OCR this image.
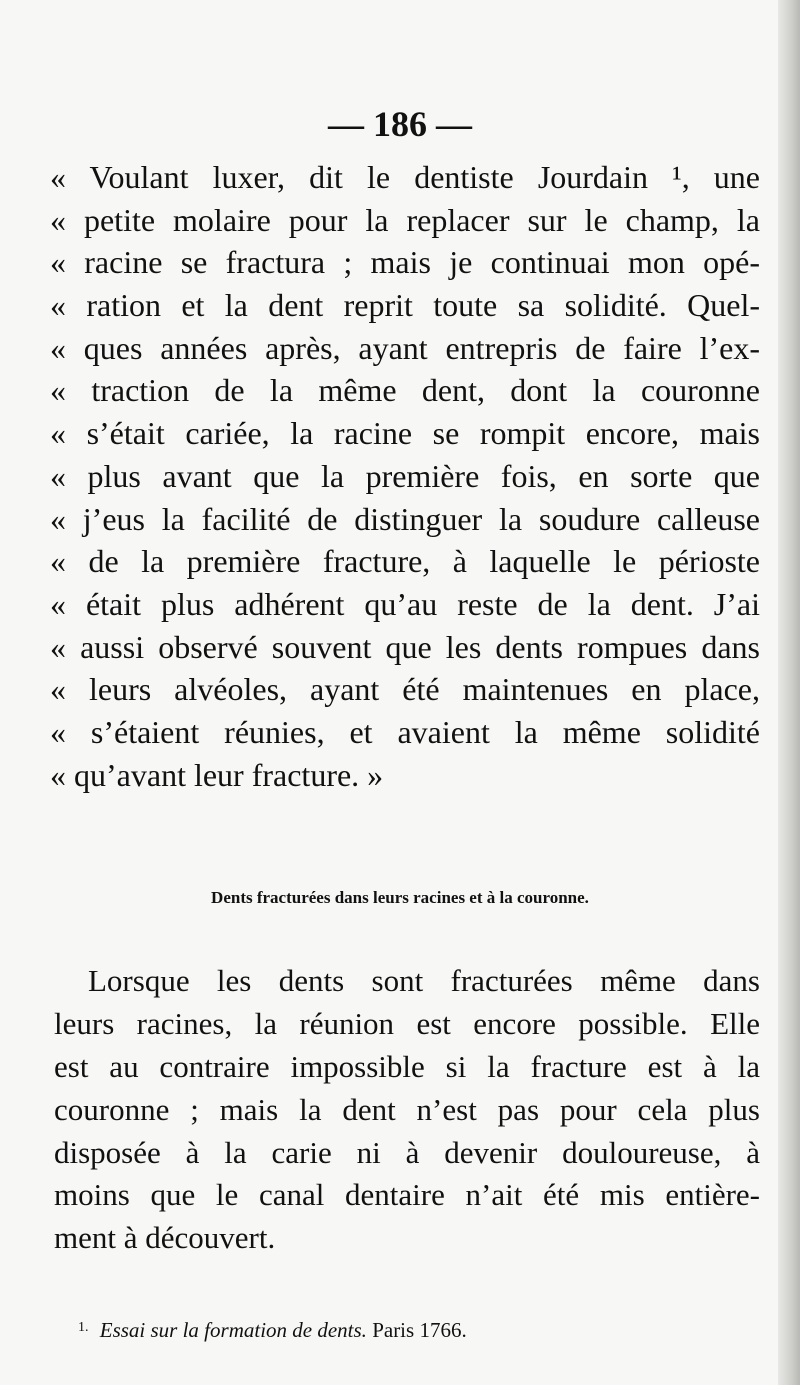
— 186 —
« Voulant luxer, dit le dentiste Jourdain ¹, une
« petite molaire pour la replacer sur le champ, la
« racine se fractura ; mais je continuai mon opé-
« ration et la dent reprit toute sa solidité. Quel-
« ques années après, ayant entrepris de faire l’ex-
« traction de la même dent, dont la couronne
« s’était cariée, la racine se rompit encore, mais
« plus avant que la première fois, en sorte que
« j’eus la facilité de distinguer la soudure calleuse
« de la première fracture, à laquelle le périoste
« était plus adhérent qu’au reste de la dent. J’ai
« aussi observé souvent que les dents rompues dans
« leurs alvéoles, ayant été maintenues en place,
« s’étaient réunies, et avaient la même solidité
« qu’avant leur fracture. »
Dents fracturées dans leurs racines et à la couronne.
Lorsque les dents sont fracturées même dans
leurs racines, la réunion est encore possible. Elle
est au contraire impossible si la fracture est à la
couronne ; mais la dent n’est pas pour cela plus
disposée à la carie ni à devenir douloureuse, à
moins que le canal dentaire n’ait été mis entière-
ment à découvert.
$^{1.}$ Essai sur la formation de dents. Paris 1766.
